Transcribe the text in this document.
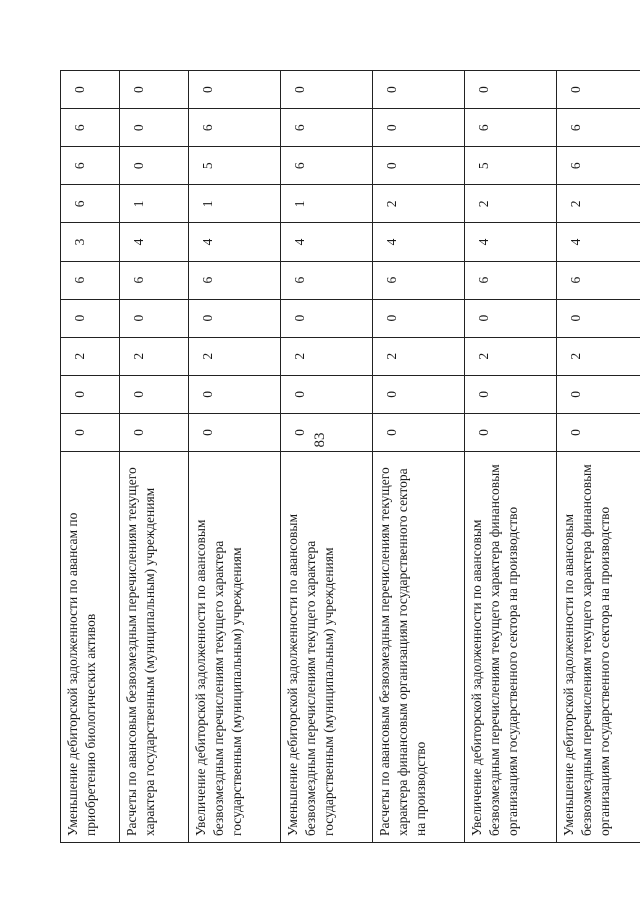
83
Уменьшение дебиторской задолженности по авансам по приобретению биологических активов	0	0	2	0	6	3	6	6	6	0
Расчеты по авансовым безвозмездным перечислениям текущего характера государственным (муниципальным) учреждениям	0	0	2	0	6	4	1	0	0	0
Увеличение дебиторской задолженности по авансовым безвозмездным перечислениям текущего характера государственным (муниципальным) учреждениям	0	0	2	0	6	4	1	5	6	0
Уменьшение дебиторской задолженности по авансовым безвозмездным перечислениям текущего характера государственным (муниципальным) учреждениям	0	0	2	0	6	4	1	6	6	0
Расчеты по авансовым безвозмездным перечислениям текущего характера финансовым организациям государственного сектора на производство	0	0	2	0	6	4	2	0	0	0
Увеличение дебиторской задолженности по авансовым безвозмездным перечислениям текущего характера финансовым организациям государственного сектора на производство	0	0	2	0	6	4	2	5	6	0
Уменьшение дебиторской задолженности по авансовым безвозмездным перечислениям текущего характера финансовым организациям государственного сектора на производство	0	0	2	0	6	4	2	6	6	0
